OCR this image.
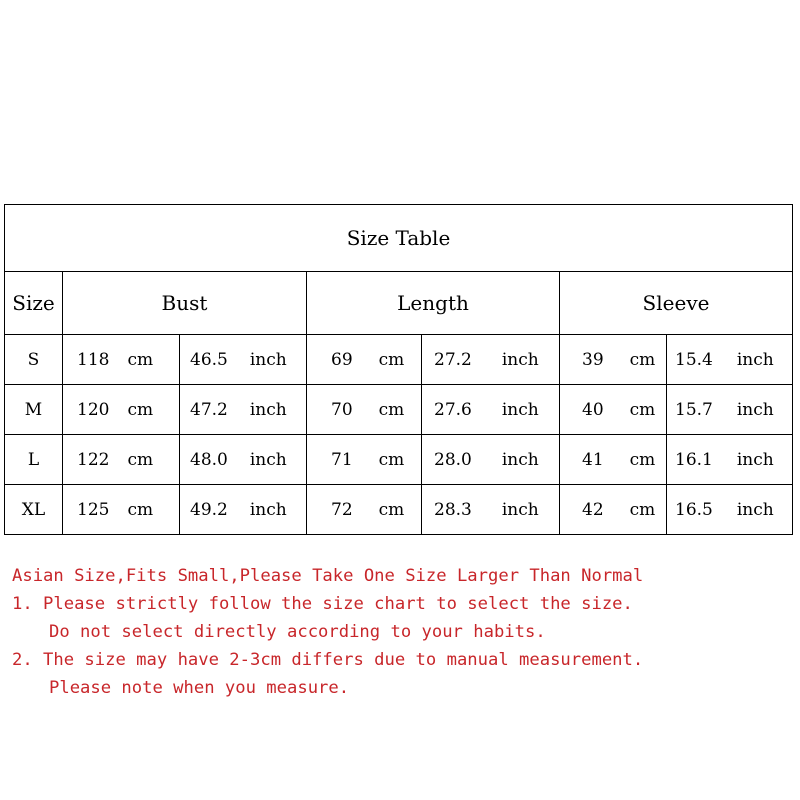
Size Table						
Size	Bust		Length		Sleeve	
S	118 cm	46.5 inch	69 cm	27.2 inch	39 cm	15.4 inch
M	120 cm	47.2 inch	70 cm	27.6 inch	40 cm	15.7 inch
L	122 cm	48.0 inch	71 cm	28.0 inch	41 cm	16.1 inch
XL	125 cm	49.2 inch	72 cm	28.3 inch	42 cm	16.5 inch
Asian Size,Fits Small,Please Take One Size Larger Than Normal
1. Please strictly follow the size chart to select the size.
Do not select directly according to your habits.
2. The size may have 2-3cm differs due to manual measurement.
Please note when you measure.
